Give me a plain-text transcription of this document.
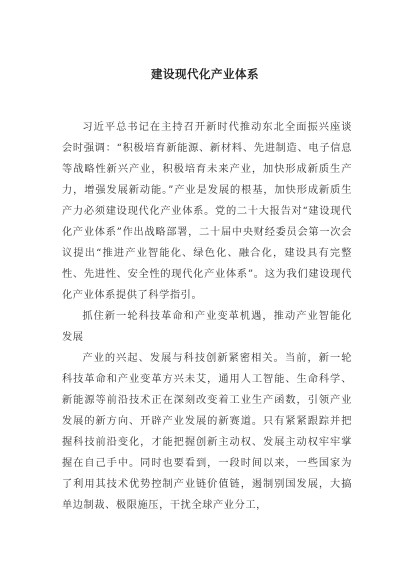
建设现代化产业体系

习近平总书记在主持召开新时代推动东北全面振兴座谈会时强调：“积极培育新能源、新材料、先进制造、电子信息等战略性新兴产业，积极培育未来产业，加快形成新质生产力，增强发展新动能。”产业是发展的根基，加快形成新质生产力必须建设现代化产业体系。党的二十大报告对“建设现代化产业体系”作出战略部署，二十届中央财经委员会第一次会议提出“推进产业智能化、绿色化、融合化，建设具有完整性、先进性、安全性的现代化产业体系”。这为我们建设现代化产业体系提供了科学指引。

抓住新一轮科技革命和产业变革机遇，推动产业智能化发展

产业的兴起、发展与科技创新紧密相关。当前，新一轮科技革命和产业变革方兴未艾，通用人工智能、生命科学、新能源等前沿技术正在深刻改变着工业生产函数，引领产业发展的新方向、开辟产业发展的新赛道。只有紧紧跟踪并把握科技前沿变化，才能把握创新主动权、发展主动权牢牢掌握在自己手中。同时也要看到，一段时间以来，一些国家为了利用其技术优势控制产业链价值链，遏制别国发展，大搞单边制裁、极限施压，干扰全球产业分工，
